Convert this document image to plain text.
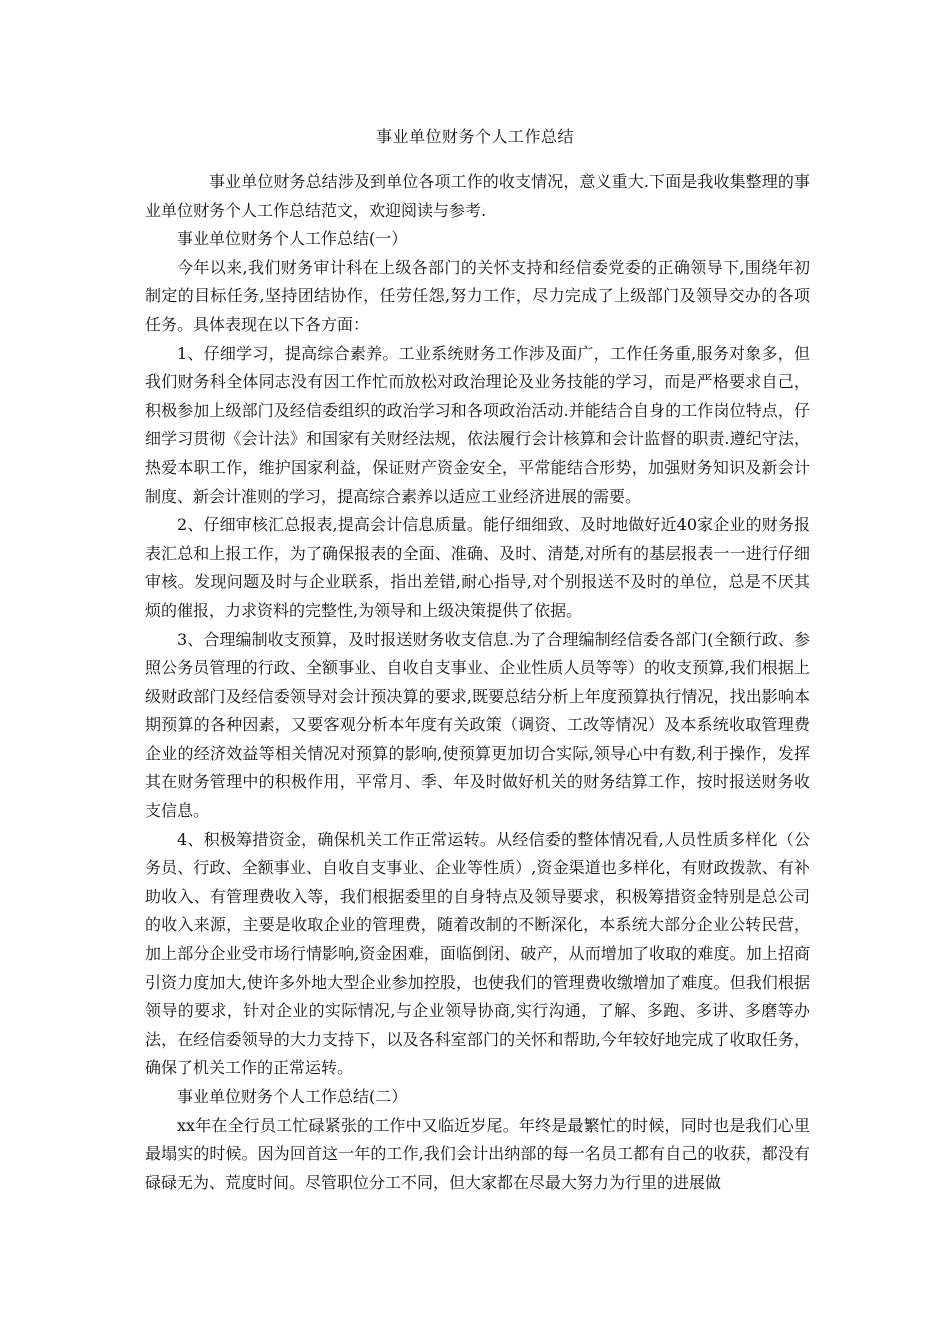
事业单位财务个人工作总结

事业单位财务总结涉及到单位各项工作的收支情况，意义重大.下面是我收集整理的事业单位财务个人工作总结范文，欢迎阅读与参考.

事业单位财务个人工作总结(一）

今年以来,我们财务审计科在上级各部门的关怀支持和经信委党委的正确领导下,围绕年初制定的目标任务,坚持团结协作，任劳任怨,努力工作，尽力完成了上级部门及领导交办的各项任务。具体表现在以下各方面：

1、仔细学习，提高综合素养。工业系统财务工作涉及面广，工作任务重,服务对象多，但我们财务科全体同志没有因工作忙而放松对政治理论及业务技能的学习，而是严格要求自己，积极参加上级部门及经信委组织的政治学习和各项政治活动.并能结合自身的工作岗位特点，仔细学习贯彻《会计法》和国家有关财经法规，依法履行会计核算和会计监督的职责.遵纪守法，热爱本职工作，维护国家利益，保证财产资金安全，平常能结合形势，加强财务知识及新会计制度、新会计准则的学习，提高综合素养以适应工业经济进展的需要。

2、仔细审核汇总报表,提高会计信息质量。能仔细细致、及时地做好近40家企业的财务报表汇总和上报工作，为了确保报表的全面、准确、及时、清楚,对所有的基层报表一一进行仔细审核。发现问题及时与企业联系，指出差错,耐心指导,对个别报送不及时的单位，总是不厌其烦的催报，力求资料的完整性,为领导和上级决策提供了依据。

3、合理编制收支预算，及时报送财务收支信息.为了合理编制经信委各部门(全额行政、参照公务员管理的行政、全额事业、自收自支事业、企业性质人员等等）的收支预算,我们根据上级财政部门及经信委领导对会计预决算的要求,既要总结分析上年度预算执行情况，找出影响本期预算的各种因素，又要客观分析本年度有关政策（调资、工改等情况）及本系统收取管理费企业的经济效益等相关情况对预算的影响,使预算更加切合实际,领导心中有数,利于操作，发挥其在财务管理中的积极作用，平常月、季、年及时做好机关的财务结算工作，按时报送财务收支信息。

4、积极筹措资金，确保机关工作正常运转。从经信委的整体情况看,人员性质多样化（公务员、行政、全额事业、自收自支事业、企业等性质）,资金渠道也多样化，有财政拨款、有补助收入、有管理费收入等，我们根据委里的自身特点及领导要求，积极筹措资金特别是总公司的收入来源，主要是收取企业的管理费，随着改制的不断深化，本系统大部分企业公转民营，加上部分企业受市场行情影响,资金困难，面临倒闭、破产，从而增加了收取的难度。加上招商引资力度加大,使许多外地大型企业参加控股，也使我们的管理费收缴增加了难度。但我们根据领导的要求，针对企业的实际情况,与企业领导协商,实行沟通，了解、多跑、多讲、多磨等办法，在经信委领导的大力支持下，以及各科室部门的关怀和帮助,今年较好地完成了收取任务，确保了机关工作的正常运转。

事业单位财务个人工作总结(二）

xx年在全行员工忙碌紧张的工作中又临近岁尾。年终是最繁忙的时候，同时也是我们心里最塌实的时候。因为回首这一年的工作,我们会计出纳部的每一名员工都有自己的收获，都没有碌碌无为、荒度时间。尽管职位分工不同，但大家都在尽最大努力为行里的进展做
